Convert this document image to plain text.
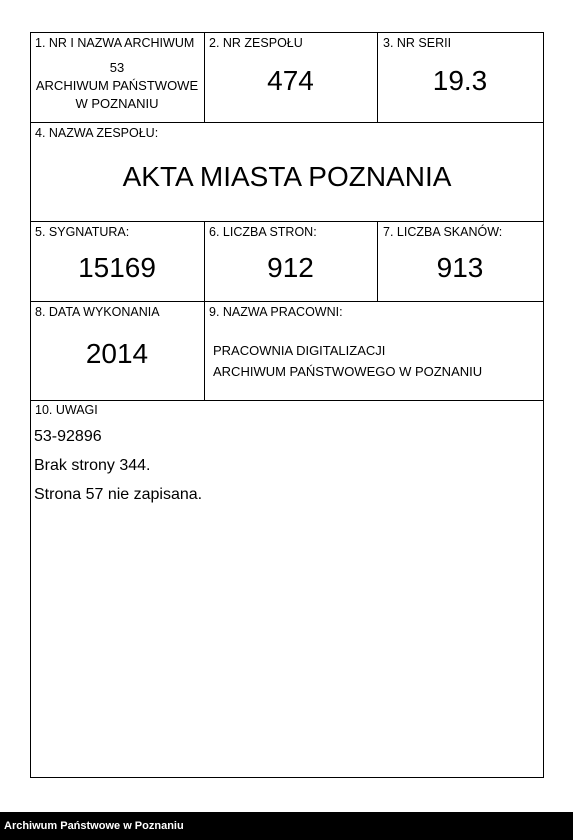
1. NR I NAZWA ARCHIWUM
53
ARCHIWUM PAŃSTWOWE
W POZNANIU
2. NR ZESPOŁU
474
3. NR SERII
19.3
4. NAZWA ZESPOŁU:
AKTA MIASTA POZNANIA
5. SYGNATURA:
15169
6. LICZBA STRON:
912
7. LICZBA SKANÓW:
913
8. DATA WYKONANIA
2014
9. NAZWA PRACOWNI:
PRACOWNIA DIGITALIZACJI
ARCHIWUM PAŃSTWOWEGO W POZNANIU
10. UWAGI
53-92896
Brak strony 344.
Strona 57 nie zapisana.
Archiwum Państwowe w Poznaniu
